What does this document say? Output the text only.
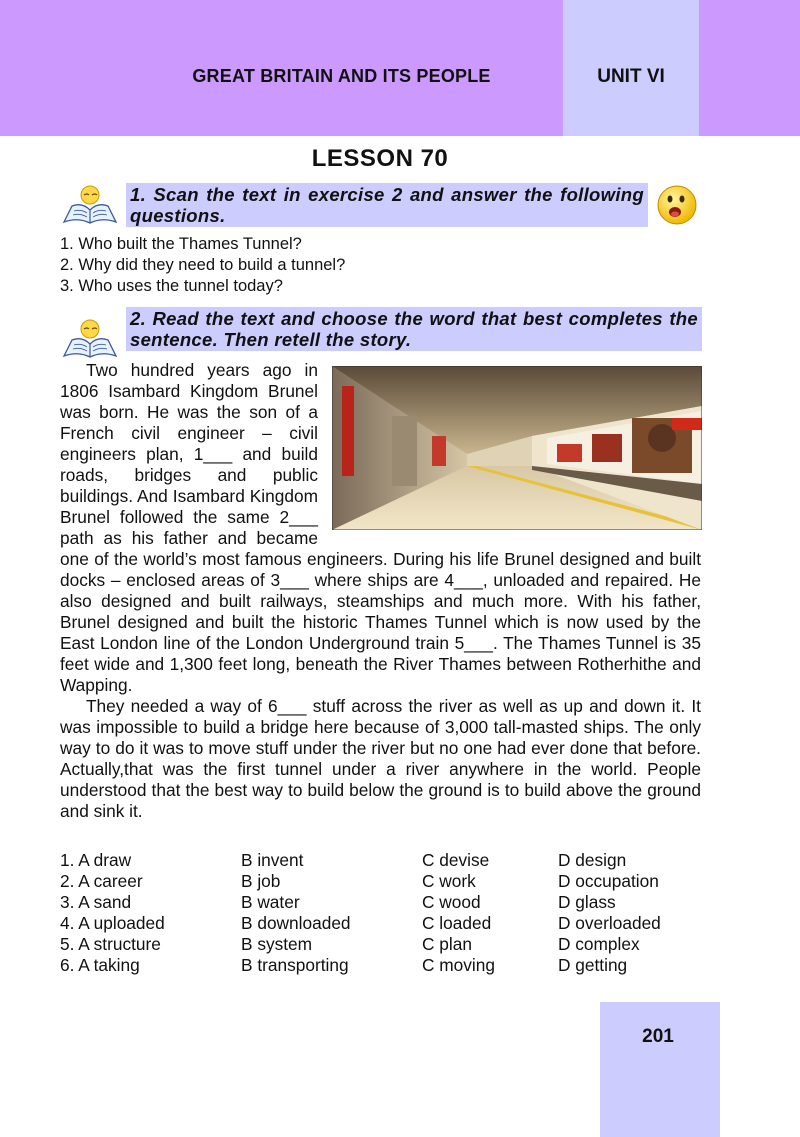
GREAT BRITAIN AND ITS PEOPLE	UNIT VI
LESSON 70
1. Scan the text in exercise 2 and answer the following questions.
1. Who built the Thames Tunnel?
2. Why did they need to build a tunnel?
3. Who uses the tunnel today?
2. Read the text and choose the word that best completes the sentence. Then retell the story.

Two hundred years ago in 1806 Isambard Kingdom Brunel was born. He was the son of a French civil engineer – civil engineers plan, 1___ and build roads, bridges and public buildings. And Isambard Kingdom Brunel followed the same 2___ path as his father and became one of the world’s most famous engineers. During his life Brunel designed and built docks – enclosed areas of 3___ where ships are 4___, unloaded and repaired. He also designed and built railways, steamships and much more. With his father, Brunel designed and built the historic Thames Tunnel which is now used by the East London line of the London Underground train 5___. The Thames Tunnel is 35 feet wide and 1,300 feet long, beneath the River Thames between Rotherhithe and Wapping.

They needed a way of 6___ stuff across the river as well as up and down it. It was impossible to build a bridge here because of 3,000 tall-masted ships. The only way to do it was to move stuff under the river but no one had ever done that before. Actually,that was the first tunnel under a river anywhere in the world. People understood that the best way to build below the ground is to build above the ground and sink it.

1. A draw	B invent	C devise	D design
2. A career	B job	C work	D occupation
3. A sand	B water	C wood	D glass
4. A uploaded	B downloaded	C loaded	D overloaded
5. A structure	B system	C plan	D complex
6. A taking	B transporting	C moving	D getting
201
